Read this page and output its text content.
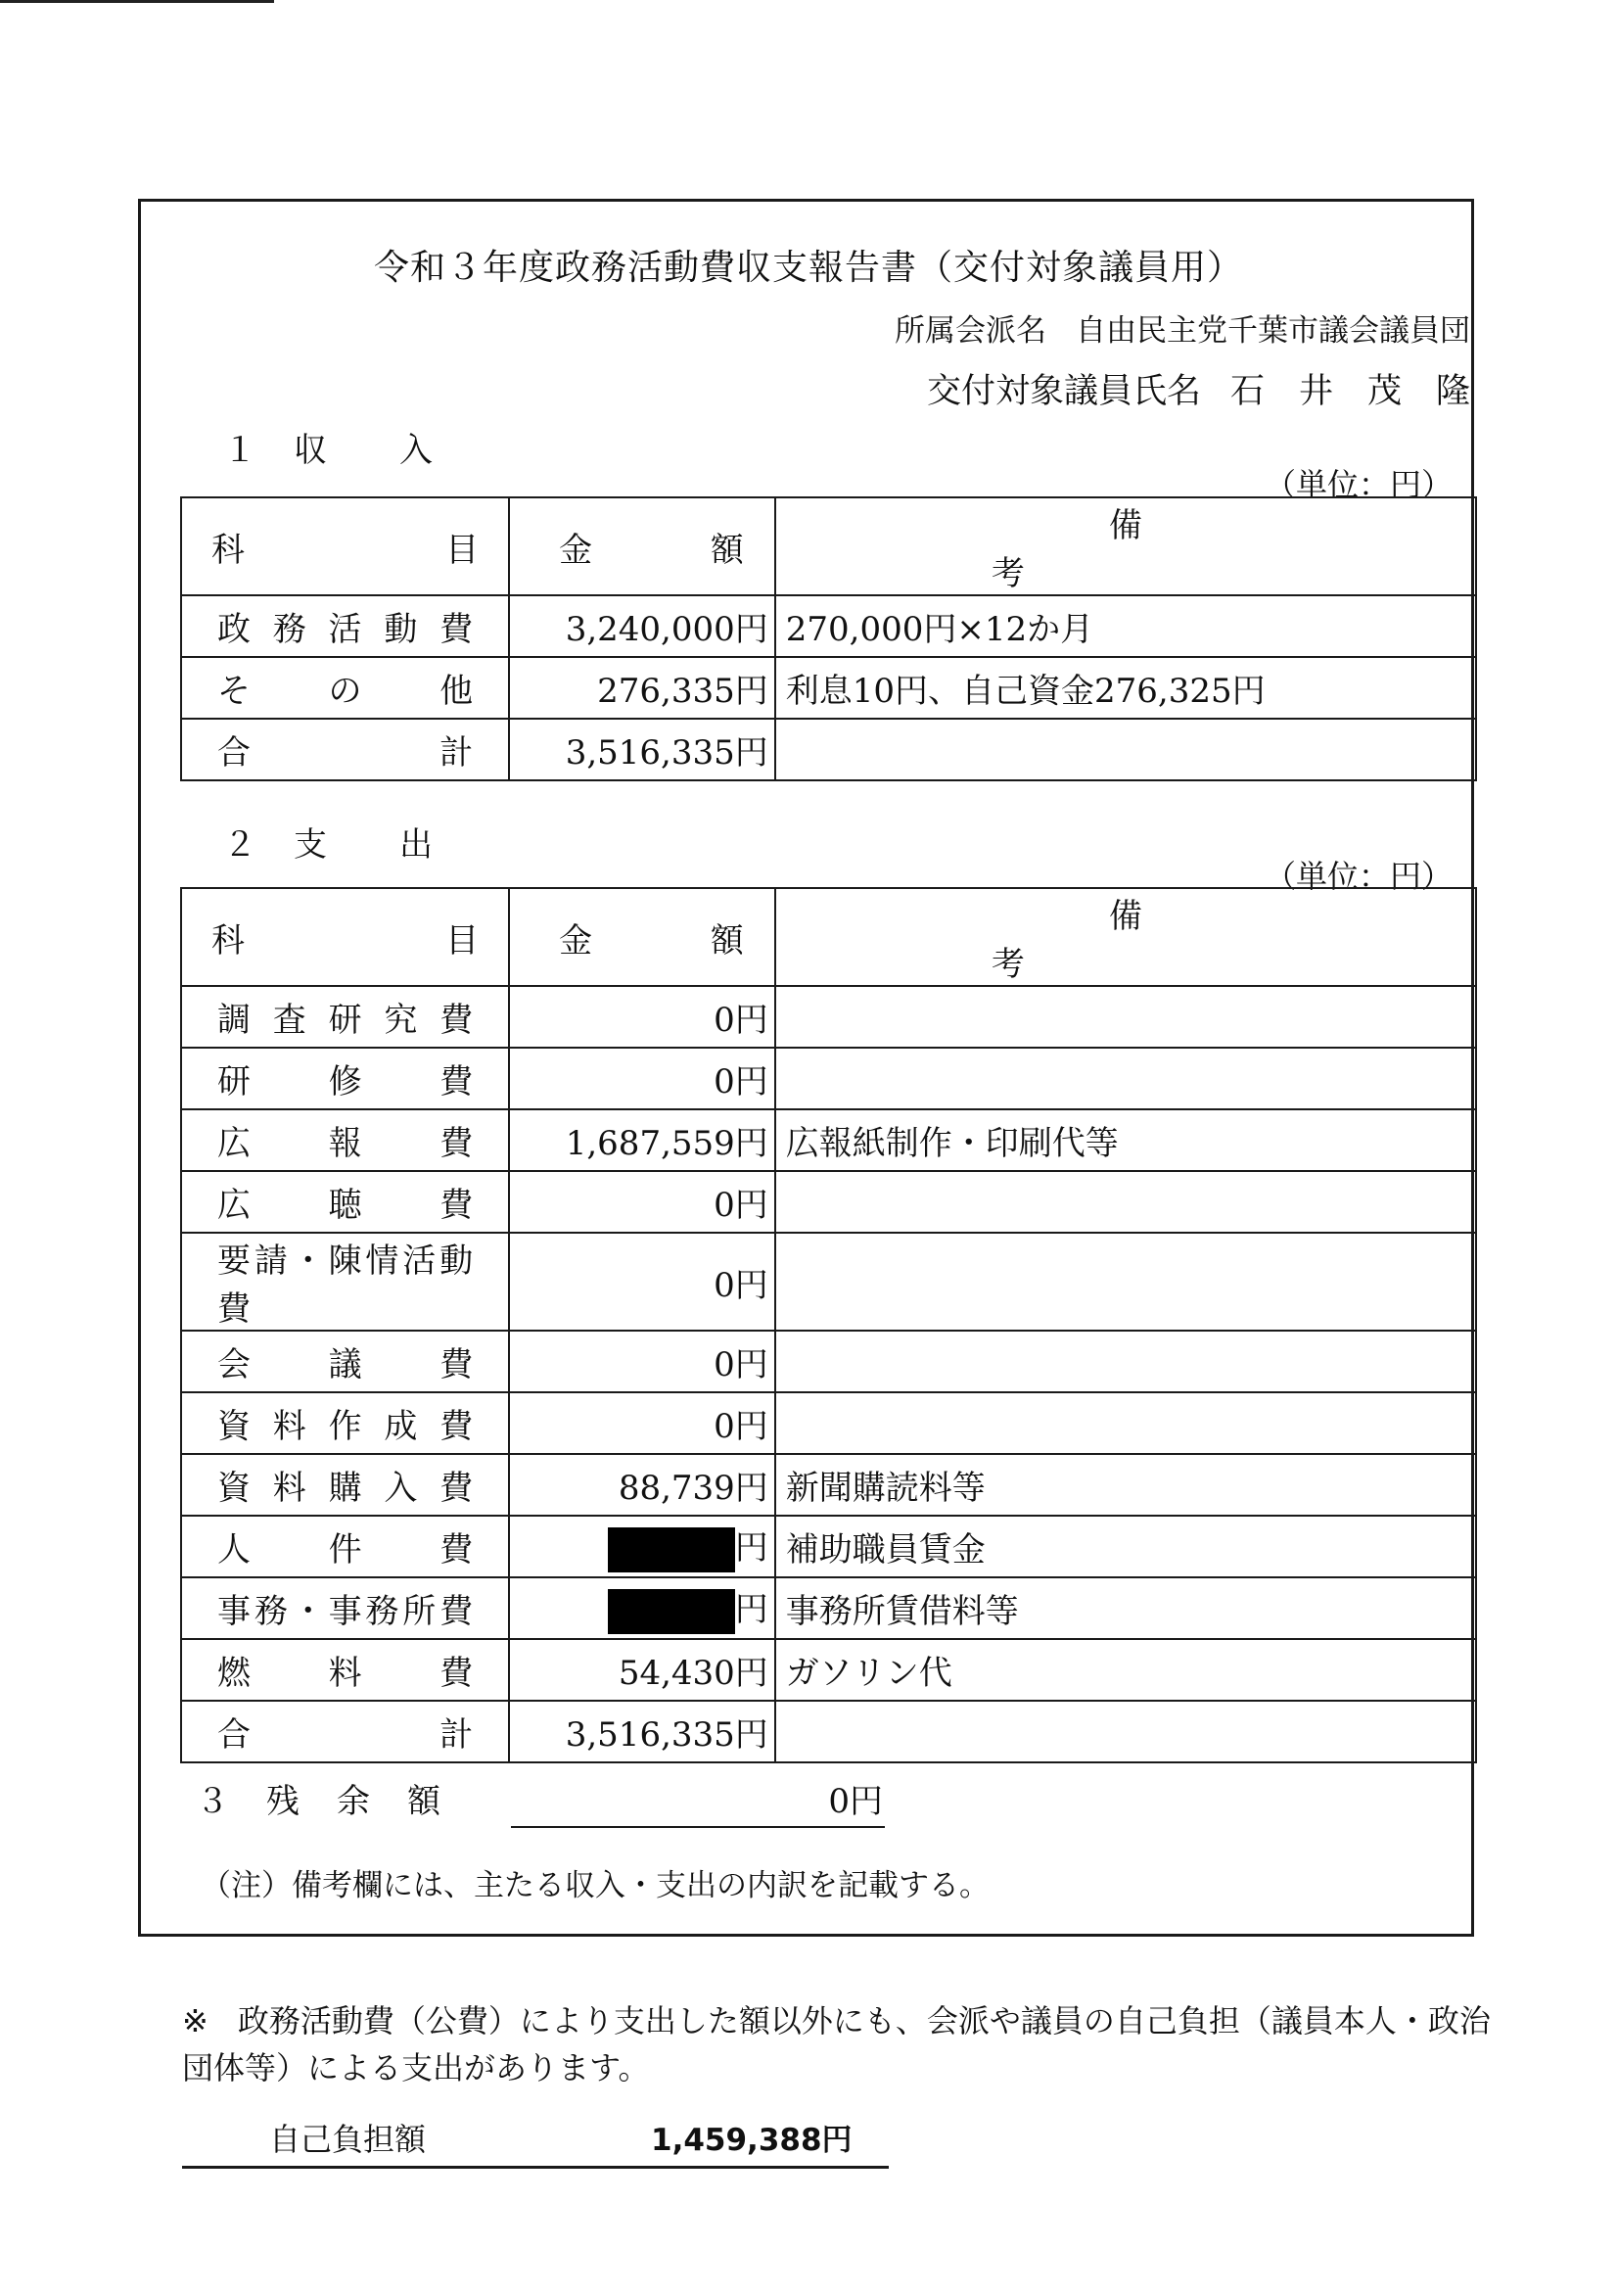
令和３年度政務活動費収支報告書（交付対象議員用）
所属会派名 自由民主党千葉市議会議員団
交付対象議員氏名 石　井　茂　隆
１　収　　入
（単位：円）
科 目	金 額	備考

政務活動費	3,240,000円	270,000円×12か月

その他	276,335円	利息10円、自己資金276,325円

合計	3,516,335円	
２　支　　出
（単位：円）
科 目	金 額	備考

調査研究費	0円	

研修費	0円	

広報費	1,687,559円	広報紙制作・印刷代等

広聴費	0円	

要請・陳情活動費	0円	

会議費	0円	

資料作成費	0円	

資料購入費	88,739円	新聞購読料等

人件費	円	補助職員賃金

事務・事務所費	円	事務所賃借料等

燃料費	54,430円	ガソリン代

合計	3,516,335円	
３　残　余　額	0円
（注）備考欄には、主たる収入・支出の内訳を記載する。
※ 政務活動費（公費）により支出した額以外にも、会派や議員の自己負担（議員本人・政治団体等）による支出があります。
自己負担額	1,459,388円
